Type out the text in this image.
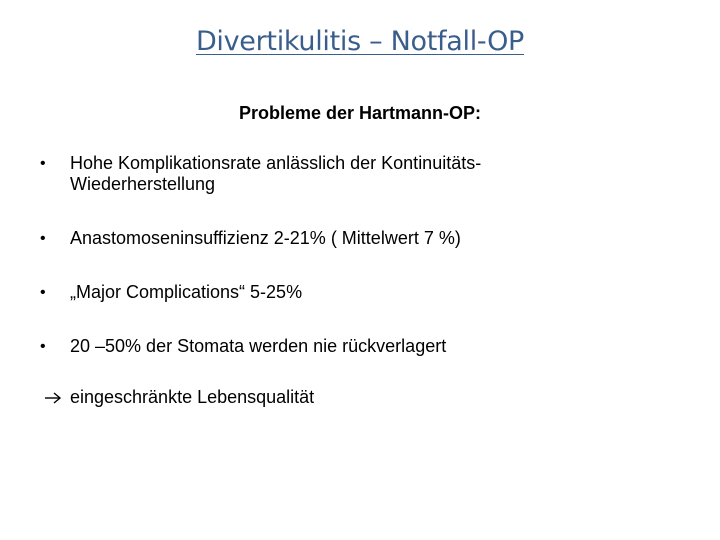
Divertikulitis – Notfall-OP
Probleme der Hartmann-OP:
• Hohe Komplikationsrate anlässlich der Kontinuitäts-
Wiederherstellung
• Anastomoseninsuffizienz 2-21% ( Mittelwert 7 %)
• „Major Complications“ 5-25%
• 20 –50% der Stomata werden nie rückverlagert
eingeschränkte Lebensqualität
